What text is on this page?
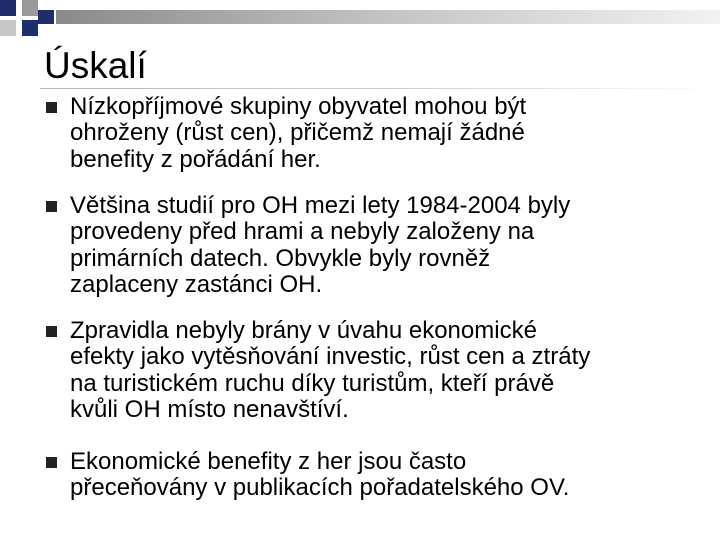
Úskalí
Nízkopříjmové skupiny obyvatel mohou být
ohroženy (růst cen), přičemž nemají žádné
benefity z pořádání her.
Většina studií pro OH mezi lety 1984-2004 byly
provedeny před hrami a nebyly založeny na
primárních datech. Obvykle byly rovněž
zaplaceny zastánci OH.
Zpravidla nebyly brány v úvahu ekonomické
efekty jako vytěsňování investic, růst cen a ztráty
na turistickém ruchu díky turistům, kteří právě
kvůli OH místo nenavštíví.
Ekonomické benefity z her jsou často
přeceňovány v publikacích pořadatelského OV.
